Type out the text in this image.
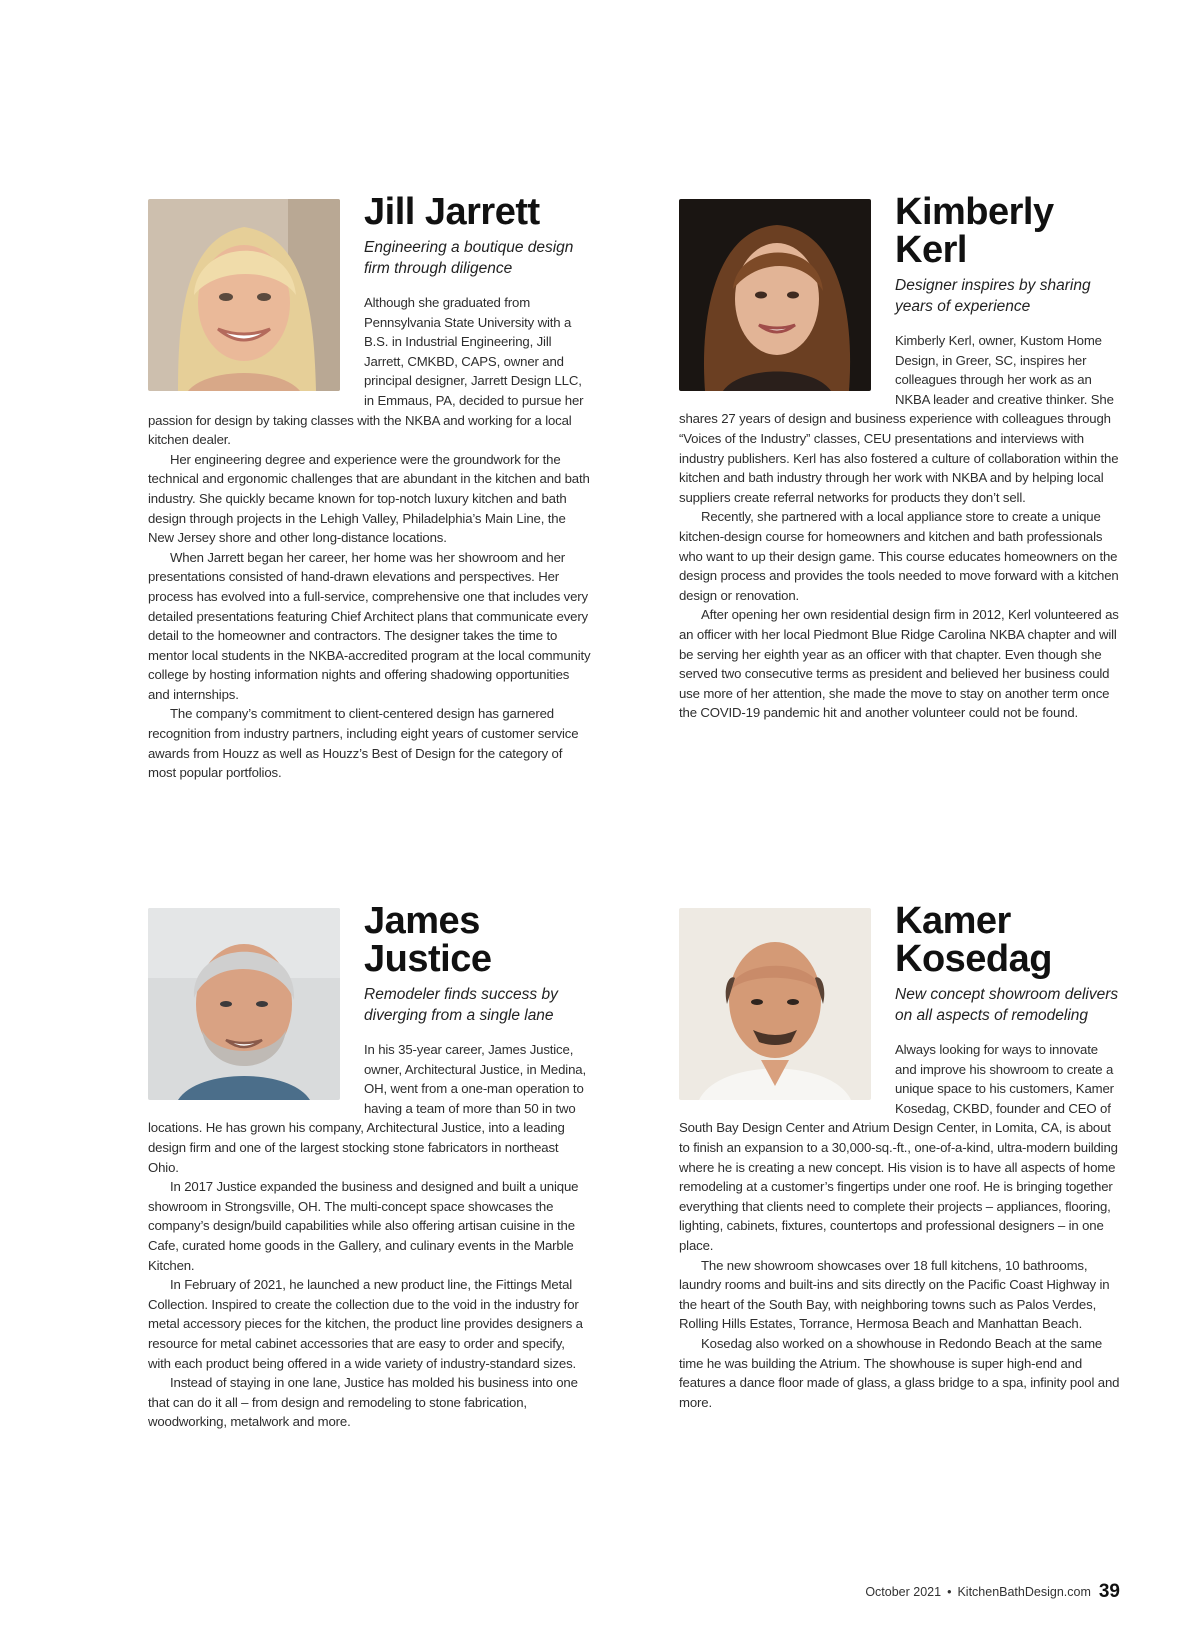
Jill Jarrett

Engineering a boutique design firm through diligence

Although she graduated from Pennsylvania State University with a B.S. in Industrial Engineering, Jill Jarrett, CMKBD, CAPS, owner and principal designer, Jarrett Design LLC, in Emmaus, PA, decided to pursue her passion for design by taking classes with the NKBA and working for a local kitchen dealer.

Her engineering degree and experience were the groundwork for the technical and ergonomic challenges that are abundant in the kitchen and bath industry. She quickly became known for top-notch luxury kitchen and bath design through projects in the Lehigh Valley, Philadelphia’s Main Line, the New Jersey shore and other long-distance locations.

When Jarrett began her career, her home was her showroom and her presentations consisted of hand-drawn elevations and perspectives. Her process has evolved into a full-service, comprehensive one that includes very detailed presentations featuring Chief Architect plans that communicate every detail to the homeowner and contractors. The designer takes the time to mentor local students in the NKBA-accredited program at the local community college by hosting information nights and offering shadowing opportunities and internships.

The company’s commitment to client-centered design has garnered recognition from industry partners, including eight years of customer service awards from Houzz as well as Houzz’s Best of Design for the category of most popular portfolios.

Kimberly Kerl

Designer inspires by sharing years of experience

Kimberly Kerl, owner, Kustom Home Design, in Greer, SC, inspires her colleagues through her work as an NKBA leader and creative thinker. She shares 27 years of design and business experience with colleagues through “Voices of the Industry” classes, CEU presentations and interviews with industry publishers. Kerl has also fostered a culture of collaboration within the kitchen and bath industry through her work with NKBA and by helping local suppliers create referral networks for products they don’t sell.

Recently, she partnered with a local appliance store to create a unique kitchen-design course for homeowners and kitchen and bath professionals who want to up their design game. This course educates homeowners on the design process and provides the tools needed to move forward with a kitchen design or renovation.

After opening her own residential design firm in 2012, Kerl volunteered as an officer with her local Piedmont Blue Ridge Carolina NKBA chapter and will be serving her eighth year as an officer with that chapter. Even though she served two consecutive terms as president and believed her business could use more of her attention, she made the move to stay on another term once the COVID-19 pandemic hit and another volunteer could not be found.

James Justice

Remodeler finds success by diverging from a single lane

In his 35-year career, James Justice, owner, Architectural Justice, in Medina, OH, went from a one-man operation to having a team of more than 50 in two locations. He has grown his company, Architectural Justice, into a leading design firm and one of the largest stocking stone fabricators in northeast Ohio.

In 2017 Justice expanded the business and designed and built a unique showroom in Strongsville, OH. The multi-concept space showcases the company’s design/build capabilities while also offering artisan cuisine in the Cafe, curated home goods in the Gallery, and culinary events in the Marble Kitchen.

In February of 2021, he launched a new product line, the Fittings Metal Collection. Inspired to create the collection due to the void in the industry for metal accessory pieces for the kitchen, the product line provides designers a resource for metal cabinet accessories that are easy to order and specify, with each product being offered in a wide variety of industry-standard sizes.

Instead of staying in one lane, Justice has molded his business into one that can do it all – from design and remodeling to stone fabrication, woodworking, metalwork and more.

Kamer Kosedag

New concept showroom delivers on all aspects of remodeling

Always looking for ways to innovate and improve his showroom to create a unique space to his customers, Kamer Kosedag, CKBD, founder and CEO of South Bay Design Center and Atrium Design Center, in Lomita, CA, is about to finish an expansion to a 30,000-sq.-ft., one-of-a-kind, ultra-modern building where he is creating a new concept. His vision is to have all aspects of home remodeling at a customer’s fingertips under one roof. He is bringing together everything that clients need to complete their projects – appliances, flooring, lighting, cabinets, fixtures, countertops and professional designers – in one place.

The new showroom showcases over 18 full kitchens, 10 bathrooms, laundry rooms and built-ins and sits directly on the Pacific Coast Highway in the heart of the South Bay, with neighboring towns such as Palos Verdes, Rolling Hills Estates, Torrance, Hermosa Beach and Manhattan Beach.

Kosedag also worked on a showhouse in Redondo Beach at the same time he was building the Atrium. The showhouse is super high-end and features a dance floor made of glass, a glass bridge to a spa, infinity pool and more.

October 2021 • KitchenBathDesign.com 39
